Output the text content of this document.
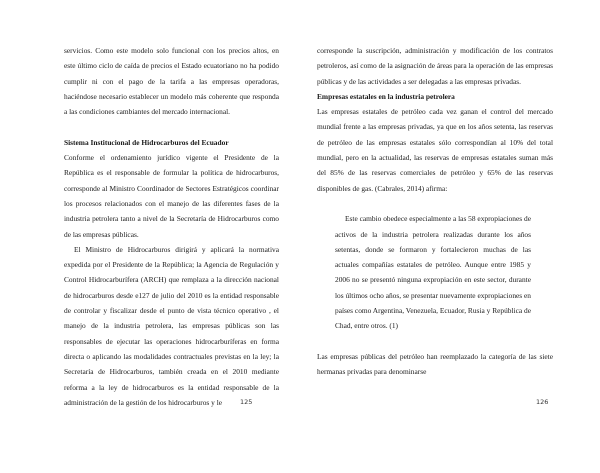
servicios. Como este modelo solo funcional con los precios altos, en este último ciclo de caída de precios el Estado ecuatoriano no ha podido cumplir ni con el pago de la tarifa a las empresas operadoras, haciéndose necesario establecer un modelo más coherente que responda a las condiciones cambiantes del mercado internacional.

Sistema Institucional de Hidrocarburos del Ecuador

Conforme el ordenamiento jurídico vigente el Presidente de la República es el responsable de formular la política de hidrocarburos, corresponde al Ministro Coordinador de Sectores Estratégicos coordinar los procesos relacionados con el manejo de las diferentes fases de la industria petrolera tanto a nivel de la Secretaría de Hidrocarburos como de las empresas públicas.

El Ministro de Hidrocarburos dirigirá y aplicará la normativa expedida por el Presidente de la República; la Agencia de Regulación y Control Hidrocarburífera (ARCH) que remplaza a la dirección nacional de hidrocarburos desde e127 de julio del 2010 es la entidad responsable de controlar y fiscalizar desde el punto de vista técnico operativo , el manejo de la industria petrolera, las empresas públicas son las responsables de ejecutar las operaciones hidrocarburíferas en forma directa o aplicando las modalidades contractuales previstas en la ley; la Secretaría de Hidrocarburos, también creada en el 2010 mediante reforma a la ley de hidrocarburos es la entidad responsable de la administración de la gestión de los hidrocarburos y le	125

corresponde la suscripción, administración y modificación de los contratos petroleros, así como de la asignación de áreas para la operación de las empresas públicas y de las actividades a ser delegadas a las empresas privadas.

Empresas estatales en la industria petrolera

Las empresas estatales de petróleo cada vez ganan el control del mercado mundial frente a las empresas privadas, ya que en los años setenta, las reservas de petróleo de las empresas estatales sólo correspondían al 10% del total mundial, pero en la actualidad, las reservas de empresas estatales suman más del 85% de las reservas comerciales de petróleo y 65% de las reservas disponibles de gas. (Cabrales, 2014) afirma:

Este cambio obedece especialmente a las 58 expropiaciones de activos de la industria petrolera realizadas durante los años setentas, donde se formaron y fortalecieron muchas de las actuales compañías estatales de petróleo. Aunque entre 1985 y 2006 no se presentó ninguna expropiación en este sector, durante los últimos ocho años, se presentar nuevamente expropiaciones en países como Argentina, Venezuela, Ecuador, Rusia y República de Chad, entre otros. (1)

Las empresas públicas del petróleo han reemplazado la categoría de las siete hermanas privadas para denominarse

126
